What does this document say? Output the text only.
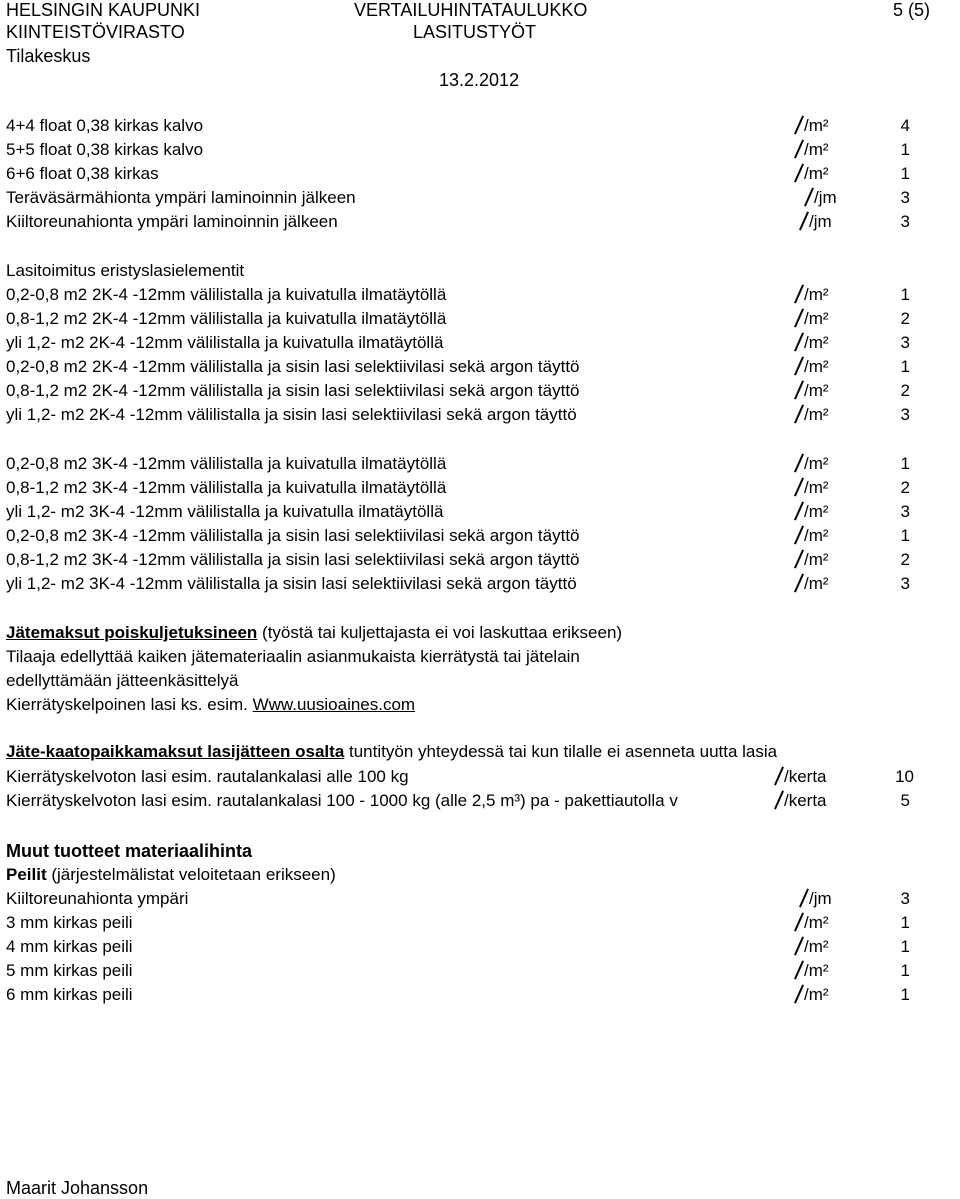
HELSINGIN KAUPUNKI
KIINTEISTÖVIRASTO
Tilakeskus
VERTAILUHINTATAULUKKO
LASITUSTYÖT
13.2.2012
5 (5)
4+4 float 0,38 kirkas kalvo	/m²	4
5+5 float 0,38 kirkas kalvo	/m²	1
6+6 float 0,38 kirkas	/m²	1
Teräväsärmähionta ympäri laminoinnin jälkeen	/jm	3
Kiiltoreunahionta ympäri laminoinnin jälkeen	/jm	3
Lasitoimitus eristyslasielementit
0,2-0,8 m2 2K-4 -12mm välilistalla ja kuivatulla ilmatäytöllä	/m²	1
0,8-1,2 m2 2K-4 -12mm välilistalla ja kuivatulla ilmatäytöllä	/m²	2
yli 1,2- m2 2K-4 -12mm välilistalla ja kuivatulla ilmatäytöllä	/m²	3
0,2-0,8 m2 2K-4 -12mm välilistalla ja sisin lasi selektiivilasi sekä argon täyttö	/m²	1
0,8-1,2 m2 2K-4 -12mm välilistalla ja sisin lasi selektiivilasi sekä argon täyttö	/m²	2
yli 1,2- m2 2K-4 -12mm välilistalla ja sisin lasi selektiivilasi sekä argon täyttö	/m²	3
0,2-0,8 m2 3K-4 -12mm välilistalla ja kuivatulla ilmatäytöllä	/m²	1
0,8-1,2 m2 3K-4 -12mm välilistalla ja kuivatulla ilmatäytöllä	/m²	2
yli 1,2- m2 3K-4 -12mm välilistalla ja kuivatulla ilmatäytöllä	/m²	3
0,2-0,8 m2 3K-4 -12mm välilistalla ja sisin lasi selektiivilasi sekä argon täyttö	/m²	1
0,8-1,2 m2 3K-4 -12mm välilistalla ja sisin lasi selektiivilasi sekä argon täyttö	/m²	2
yli 1,2- m2 3K-4 -12mm välilistalla ja sisin lasi selektiivilasi sekä argon täyttö	/m²	3
Jätemaksut poiskuljetuksineen (työstä tai kuljettajasta ei voi laskuttaa erikseen)
Tilaaja edellyttää kaiken jätemateriaalin asianmukaista kierrätystä tai jätelain
edellyttämään jätteenkäsittelyä
Kierrätyskelpoinen lasi ks. esim. Www.uusioaines.com
Jäte-kaatopaikkamaksut lasijätteen osalta tuntityön yhteydessä tai kun tilalle ei asenneta uutta lasia
Kierrätyskelvoton lasi esim. rautalankalasi alle 100 kg	/kerta	10
Kierrätyskelvoton lasi esim. rautalankalasi 100 - 1000 kg (alle 2,5 m³) pa - pakettiautolla v	/kerta	5
Muut tuotteet materiaalihinta
Peilit (järjestelmälistat veloitetaan erikseen)
Kiiltoreunahionta ympäri	/jm	3
3 mm kirkas peili	/m²	1
4 mm kirkas peili	/m²	1
5 mm kirkas peili	/m²	1
6 mm kirkas peili	/m²	1
Maarit Johansson
